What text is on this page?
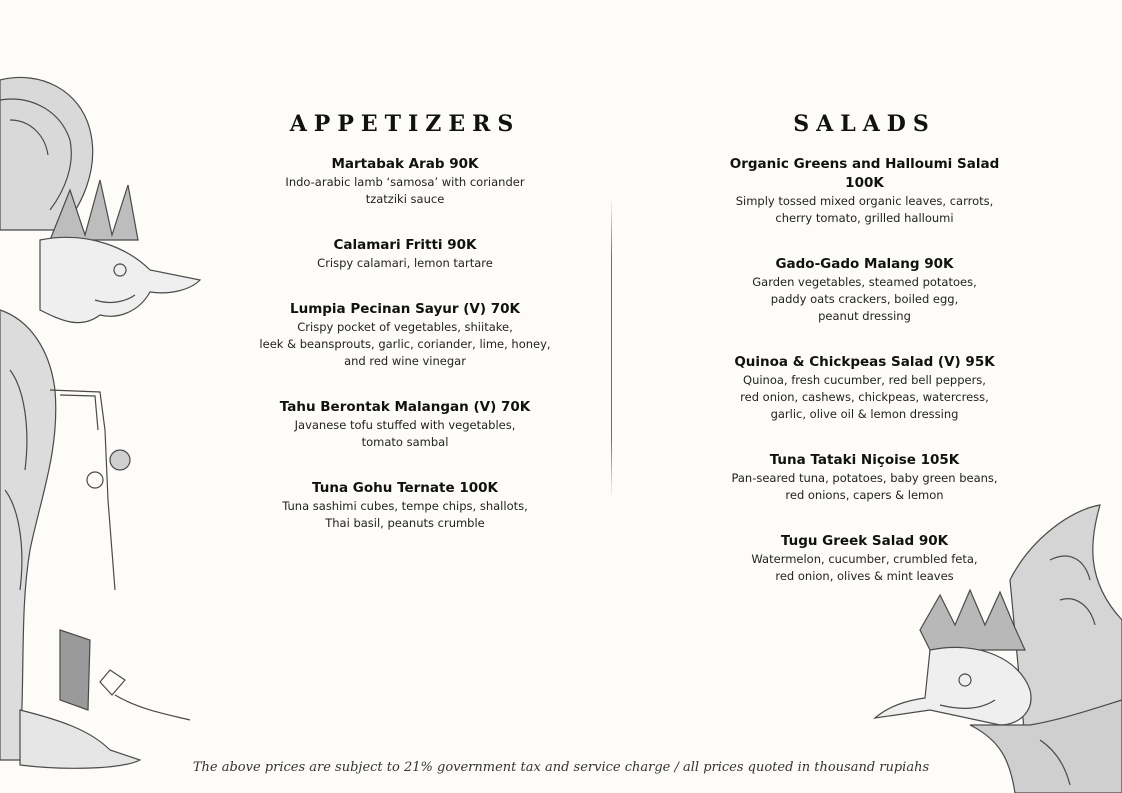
APPETIZERS
Martabak Arab 90K
Indo-arabic lamb ‘samosa’ with coriander
tzatziki sauce
Calamari Fritti 90K
Crispy calamari, lemon tartare
Lumpia Pecinan Sayur (V) 70K
Crispy pocket of vegetables, shiitake,
leek & beansprouts, garlic, coriander, lime, honey,
and red wine vinegar
Tahu Berontak Malangan (V) 70K
Javanese tofu stuffed with vegetables,
tomato sambal
Tuna Gohu Ternate 100K
Tuna sashimi cubes, tempe chips, shallots,
Thai basil, peanuts crumble
SALADS
Organic Greens and Halloumi Salad 100K
Simply tossed mixed organic leaves, carrots,
cherry tomato, grilled halloumi
Gado-Gado Malang 90K
Garden vegetables, steamed potatoes,
paddy oats crackers, boiled egg,
peanut dressing
Quinoa & Chickpeas Salad (V) 95K
Quinoa, fresh cucumber, red bell peppers,
red onion, cashews, chickpeas, watercress,
garlic, olive oil & lemon dressing
Tuna Tataki Niçoise 105K
Pan-seared tuna, potatoes, baby green beans,
red onions, capers & lemon
Tugu Greek Salad 90K
Watermelon, cucumber, crumbled feta,
red onion, olives & mint leaves
The above prices are subject to 21% government tax and service charge / all prices quoted in thousand rupiahs
